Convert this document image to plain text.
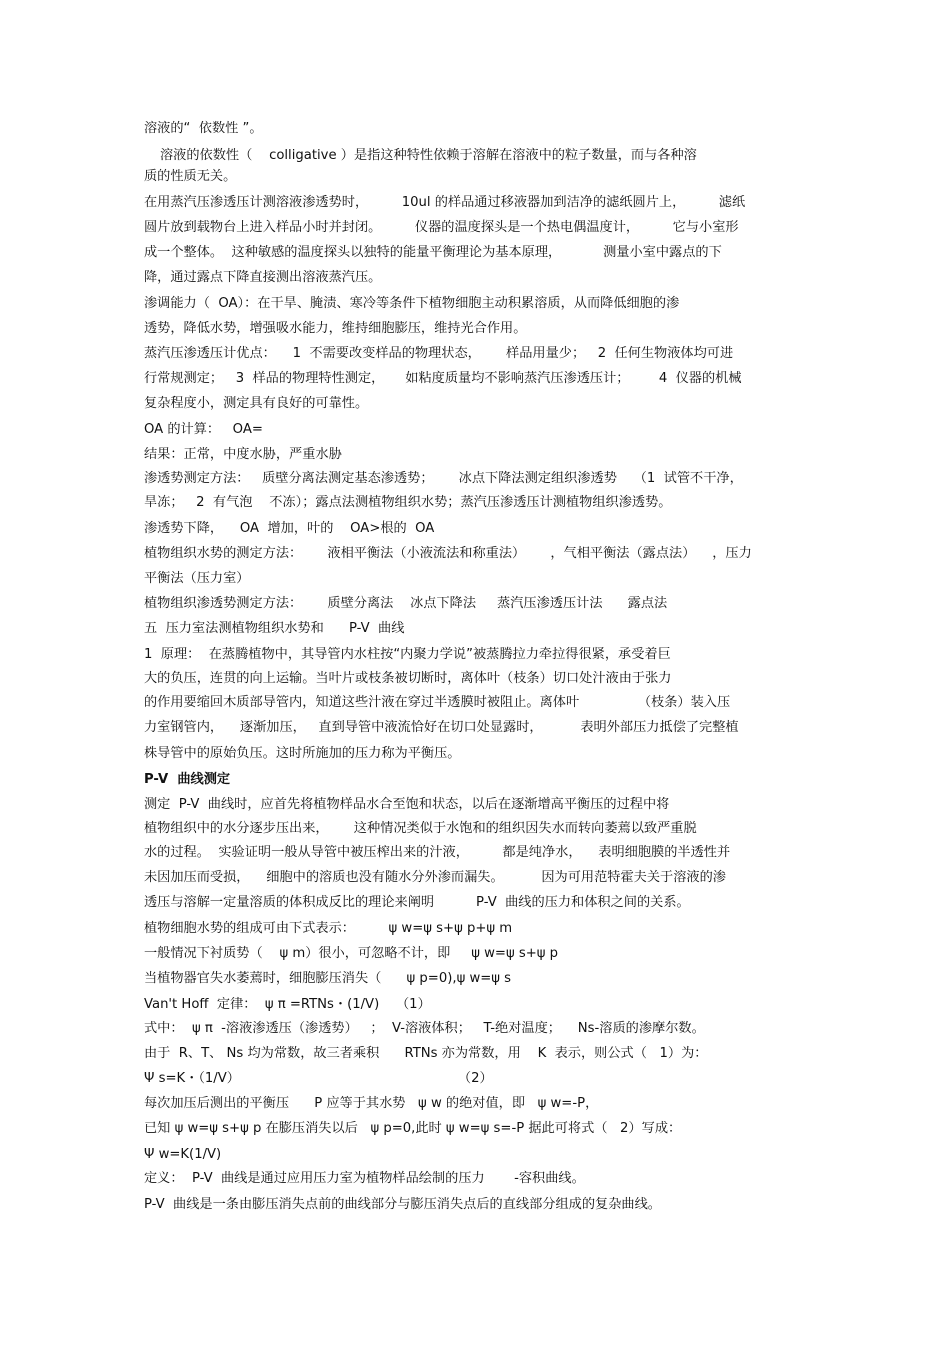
溶液的“  依数性 ”。
溶液的依数性（    colligative ）是指这种特性依赖于溶解在溶液中的粒子数量，而与各种溶
质的性质无关。
在用蒸汽压渗透压计测溶液渗透势时，        10ul 的样品通过移液器加到洁净的滤纸圆片上，        滤纸
圆片放到载物台上进入样品小时并封闭。        仪器的温度探头是一个热电偶温度计，        它与小室形
成一个整体。  这种敏感的温度探头以独特的能量平衡理论为基本原理，          测量小室中露点的下
降，通过露点下降直接测出溶液蒸汽压。
渗调能力（  OA）：在干旱、腌渍、寒冷等条件下植物细胞主动积累溶质，从而降低细胞的渗
透势，降低水势，增强吸水能力，维持细胞膨压，维持光合作用。
蒸汽压渗透压计优点：    1  不需要改变样品的物理状态，      样品用量少；   2  任何生物液体均可进
行常规测定；   3  样品的物理特性测定，     如粘度质量均不影响蒸汽压渗透压计；       4  仪器的机械
复杂程度小，测定具有良好的可靠性。
OA 的计算：   OA=
结果：正常，中度水胁，严重水胁
渗透势测定方法：   质壁分离法测定基态渗透势；      冰点下降法测定组织渗透势    （1  试管不干净，
旱冻；   2  有气泡    不冻）；露点法测植物组织水势；蒸汽压渗透压计测植物组织渗透势。
渗透势下降，    OA  增加，叶的    OA>根的  OA
植物组织水势的测定方法：      液相平衡法（小液流法和称重法）      ，气相平衡法（露点法）    ，压力
平衡法（压力室）
植物组织渗透势测定方法：      质壁分离法    冰点下降法     蒸汽压渗透压计法      露点法
五  压力室法测植物组织水势和      P-V  曲线
1  原理：  在蒸腾植物中，其导管内水柱按“内聚力学说”被蒸腾拉力牵拉得很紧，承受着巨
大的负压，连贯的向上运输。当叶片或枝条被切断时，离体叶（枝条）切口处汁液由于张力
的作用要缩回木质部导管内，知道这些汁液在穿过半透膜时被阻止。离体叶              （枝条）装入压
力室钢管内，    逐渐加压，   直到导管中液流恰好在切口处显露时，         表明外部压力抵偿了完整植
株导管中的原始负压。这时所施加的压力称为平衡压。
P-V  曲线测定
测定  P-V  曲线时，应首先将植物样品水合至饱和状态，以后在逐渐增高平衡压的过程中将
植物组织中的水分逐步压出来，      这种情况类似于水饱和的组织因失水而转向萎蔫以致严重脱
水的过程。  实验证明一般从导管中被压榨出来的汁液，        都是纯净水，    表明细胞膜的半透性并
未因加压而受损，    细胞中的溶质也没有随水分外渗而漏失。         因为可用范特霍夫关于溶液的渗
透压与溶解一定量溶质的体积成反比的理论来阐明          P-V  曲线的压力和体积之间的关系。
植物细胞水势的组成可由下式表示：        ψ w=ψ s+ψ p+ψ m
一般情况下衬质势（    ψ m）很小，可忽略不计，即     ψ w=ψ s+ψ p
当植物器官失水萎蔫时，细胞膨压消失（      ψ p=0),ψ w=ψ s
Van't Hoff  定律：  ψ π =RTNs・(1/V)    （1）
式中：  ψ π  -溶液渗透压（渗透势）   ；  V-溶液体积；   T-绝对温度；    Ns-溶质的渗摩尔数。
由于  R、T、 Ns 均为常数，故三者乘积      RTNs 亦为常数，用    K  表示，则公式（   1）为：
Ψ s=K・（1/V）                                                    （2）
每次加压后测出的平衡压      P 应等于其水势   ψ w 的绝对值，即   ψ w=-P，
已知 ψ w=ψ s+ψ p 在膨压消失以后   ψ p=0,此时 ψ w=ψ s=-P 据此可将式（   2）写成：
Ψ w=K(1/V)
定义：  P-V  曲线是通过应用压力室为植物样品绘制的压力       -容积曲线。
P-V  曲线是一条由膨压消失点前的曲线部分与膨压消失点后的直线部分组成的复杂曲线。
